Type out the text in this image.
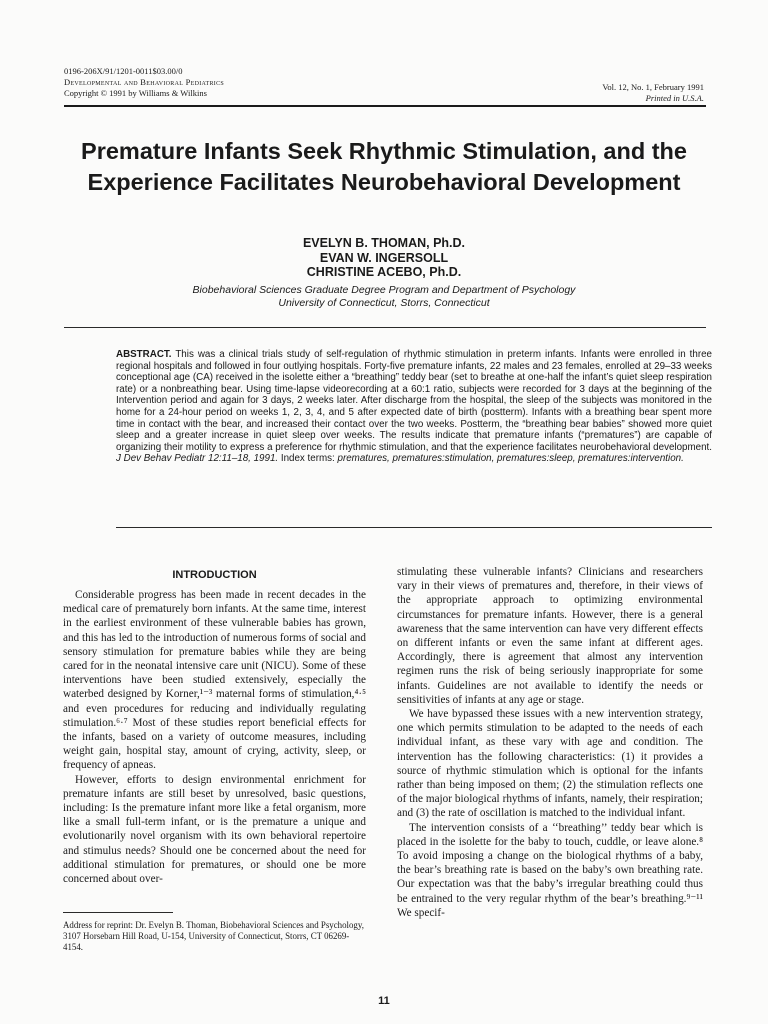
0196-206X/91/1201-0011$03.00/0
Developmental and Behavioral Pediatrics
Copyright © 1991 by Williams & Wilkins
Vol. 12, No. 1, February 1991
Printed in U.S.A.
Premature Infants Seek Rhythmic Stimulation, and the Experience Facilitates Neurobehavioral Development
EVELYN B. THOMAN, Ph.D.
EVAN W. INGERSOLL
CHRISTINE ACEBO, Ph.D.
Biobehavioral Sciences Graduate Degree Program and Department of Psychology
University of Connecticut, Storrs, Connecticut

ABSTRACT. This was a clinical trials study of self-regulation of rhythmic stimulation in preterm infants. Infants were enrolled in three regional hospitals and followed in four outlying hospitals. Forty-five premature infants, 22 males and 23 females, enrolled at 29–33 weeks conceptional age (CA) received in the isolette either a “breathing” teddy bear (set to breathe at one-half the infant’s quiet sleep respiration rate) or a nonbreathing bear. Using time-lapse videorecording at a 60:1 ratio, subjects were recorded for 3 days at the beginning of the Intervention period and again for 3 days, 2 weeks later. After discharge from the hospital, the sleep of the subjects was monitored in the home for a 24-hour period on weeks 1, 2, 3, 4, and 5 after expected date of birth (postterm). Infants with a breathing bear spent more time in contact with the bear, and increased their contact over the two weeks. Postterm, the “breathing bear babies” showed more quiet sleep and a greater increase in quiet sleep over weeks. The results indicate that premature infants (“prematures”) are capable of organizing their motility to express a preference for rhythmic stimulation, and that the experience facilitates neurobehavioral development. J Dev Behav Pediatr 12:11–18, 1991. Index terms: prematures, prematures:stimulation, prematures:sleep, prematures:intervention.

INTRODUCTION

Considerable progress has been made in recent decades in the medical care of prematurely born infants. At the same time, interest in the earliest environment of these vulnerable babies has grown, and this has led to the introduction of numerous forms of social and sensory stimulation for premature babies while they are being cared for in the neonatal intensive care unit (NICU). Some of these interventions have been studied extensively, especially the waterbed designed by Korner,¹⁻³ maternal forms of stimulation,⁴·⁵ and even procedures for reducing and individually regulating stimulation.⁶·⁷ Most of these studies report beneficial effects for the infants, based on a variety of outcome measures, including weight gain, hospital stay, amount of crying, activity, sleep, or frequency of apneas.

However, efforts to design environmental enrichment for premature infants are still beset by unresolved, basic questions, including: Is the premature infant more like a fetal organism, more like a small full-term infant, or is the premature a unique and evolutionarily novel organism with its own behavioral repertoire and stimulus needs? Should one be concerned about the need for additional stimulation for prematures, or should one be more concerned about over-

stimulating these vulnerable infants? Clinicians and researchers vary in their views of prematures and, therefore, in their views of the appropriate approach to optimizing environmental circumstances for premature infants. However, there is a general awareness that the same intervention can have very different effects on different infants or even the same infant at different ages. Accordingly, there is agreement that almost any intervention regimen runs the risk of being seriously inappropriate for some infants. Guidelines are not available to identify the needs or sensitivities of infants at any age or stage.

We have bypassed these issues with a new intervention strategy, one which permits stimulation to be adapted to the needs of each individual infant, as these vary with age and condition. The intervention has the following characteristics: (1) it provides a source of rhythmic stimulation which is optional for the infants rather than being imposed on them; (2) the stimulation reflects one of the major biological rhythms of infants, namely, their respiration; and (3) the rate of oscillation is matched to the individual infant.

The intervention consists of a ‘‘breathing’’ teddy bear which is placed in the isolette for the baby to touch, cuddle, or leave alone.⁸ To avoid imposing a change on the biological rhythms of a baby, the bear’s breathing rate is based on the baby’s own breathing rate. Our expectation was that the baby’s irregular breathing could thus be entrained to the very regular rhythm of the bear’s breathing.⁹⁻¹¹ We specif-

Address for reprint: Dr. Evelyn B. Thoman, Biobehavioral Sciences and Psychology, 3107 Horsebarn Hill Road, U-154, University of Connecticut, Storrs, CT 06269-4154.
11
